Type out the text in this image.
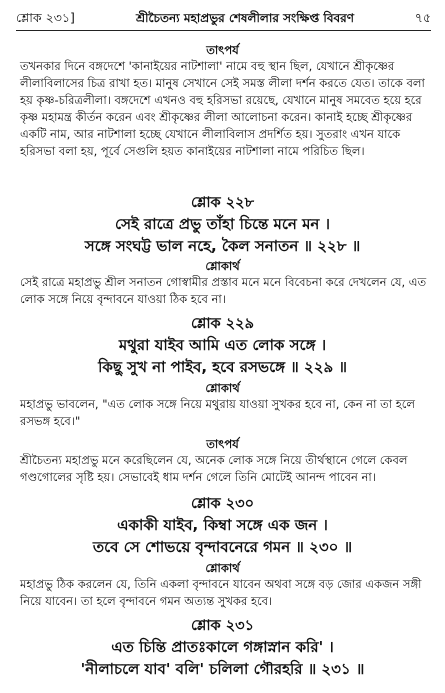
শ্লোক ২৩১]	শ্রীচৈতন্য মহাপ্রভুর শেষলীলার সংক্ষিপ্ত বিবরণ	৭৫
তাৎপর্য

তখনকার দিনে বঙ্গদেশে 'কানাইয়ের নাটশালা' নামে বহু স্থান ছিল, যেখানে শ্রীকৃষ্ণের লীলাবিলাসের চিত্র রাখা হত। মানুষ সেখানে সেই সমস্ত লীলা দর্শন করতে যেত। তাকে বলা হয় কৃষ্ণ-চরিত্রলীলা। বঙ্গদেশে এখনও বহু হরিসভা রয়েছে, যেখানে মানুষ সমবেত হয়ে হরে কৃষ্ণ মহামন্ত্র কীর্তন করেন এবং শ্রীকৃষ্ণের লীলা আলোচনা করেন। কানাই হচ্ছে শ্রীকৃষ্ণের একটি নাম, আর নাটশালা হচ্ছে যেখানে লীলাবিলাস প্রদর্শিত হয়। সুতরাং এখন যাকে হরিসভা বলা হয়, পূর্বে সেগুলি হয়ত কানাইয়ের নাটশালা নামে পরিচিত ছিল।

শ্লোক ২২৮
সেই রাত্রে প্রভু তাঁহা চিন্তে মনে মন ।
সঙ্গে সংঘট্ট ভাল নহে, কৈল সনাতন ॥ ২২৮ ॥
শ্লোকার্থ

সেই রাত্রে মহাপ্রভু শ্রীল সনাতন গোস্বামীর প্রস্তাব মনে মনে বিবেচনা করে দেখলেন যে, এত লোক সঙ্গে নিয়ে বৃন্দাবনে যাওয়া ঠিক হবে না।

শ্লোক ২২৯
মথুরা যাইব আমি এত লোক সঙ্গে ।
কিছু সুখ না পাইব, হবে রসভঙ্গে ॥ ২২৯ ॥
শ্লোকার্থ

মহাপ্রভু ভাবলেন, "এত লোক সঙ্গে নিয়ে মথুরায় যাওয়া সুখকর হবে না, কেন না তা হলে রসভঙ্গ হবে।"

তাৎপর্য

শ্রীচৈতন্য মহাপ্রভু মনে করেছিলেন যে, অনেক লোক সঙ্গে নিয়ে তীর্থস্থানে গেলে কেবল গণ্ডগোলের সৃষ্টি হয়। সেভাবেই ধাম দর্শন গেলে তিনি মোটেই আনন্দ পাবেন না।

শ্লোক ২৩০
একাকী যাইব, কিম্বা সঙ্গে এক জন ।
তবে সে শোভয়ে বৃন্দাবনেরে গমন ॥ ২৩০ ॥
শ্লোকার্থ

মহাপ্রভু ঠিক করলেন যে, তিনি একলা বৃন্দাবনে যাবেন অথবা সঙ্গে বড় জোর একজন সঙ্গী নিয়ে যাবেন। তা হলে বৃন্দাবনে গমন অত্যন্ত সুখকর হবে।

শ্লোক ২৩১
এত চিন্তি প্রাতঃকালে গঙ্গাস্নান করি' ।
'নীলাচলে যাব' বলি' চলিলা গৌরহরি ॥ ২৩১ ॥
